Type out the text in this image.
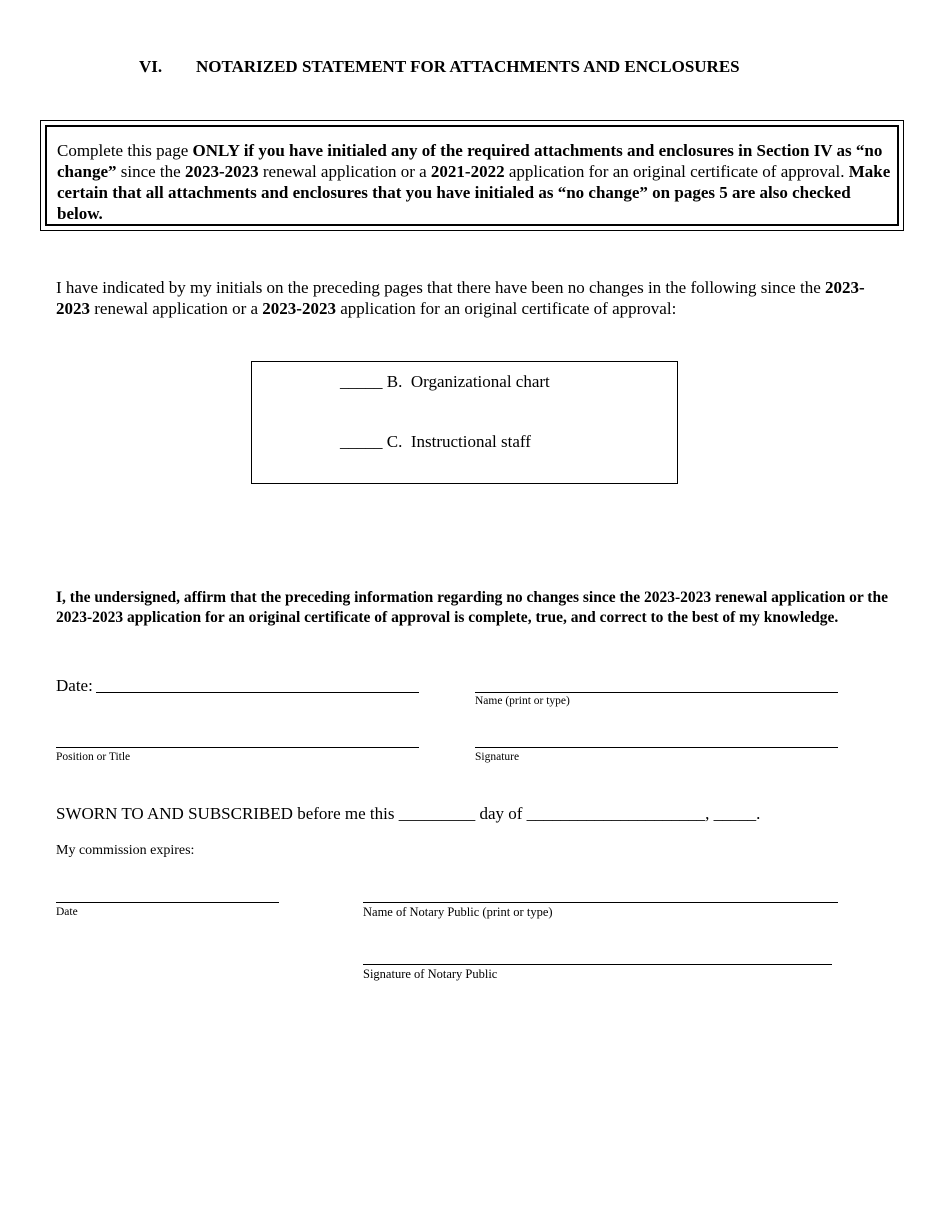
VI. NOTARIZED STATEMENT FOR ATTACHMENTS AND ENCLOSURES
Complete this page ONLY if you have initialed any of the required attachments and enclosures in Section IV as “no change” since the 2023-2023 renewal application or a 2021-2022 application for an original certificate of approval. Make certain that all attachments and enclosures that you have initialed as “no change” on pages 5 are also checked below.
I have indicated by my initials on the preceding pages that there have been no changes in the following since the 2023-2023 renewal application or a 2023-2023 application for an original certificate of approval:
_____ B.  Organizational chart
_____ C.  Instructional staff
I, the undersigned, affirm that the preceding information regarding no changes since the 2023-2023 renewal application or the 2023-2023 application for an original certificate of approval is complete, true, and correct to the best of my knowledge.
Date:
Name (print or type)
Position or Title	Signature
SWORN TO AND SUBSCRIBED before me this _________ day of _____________________, _____.
My commission expires:
Date	Name of Notary Public (print or type)
Signature of Notary Public
